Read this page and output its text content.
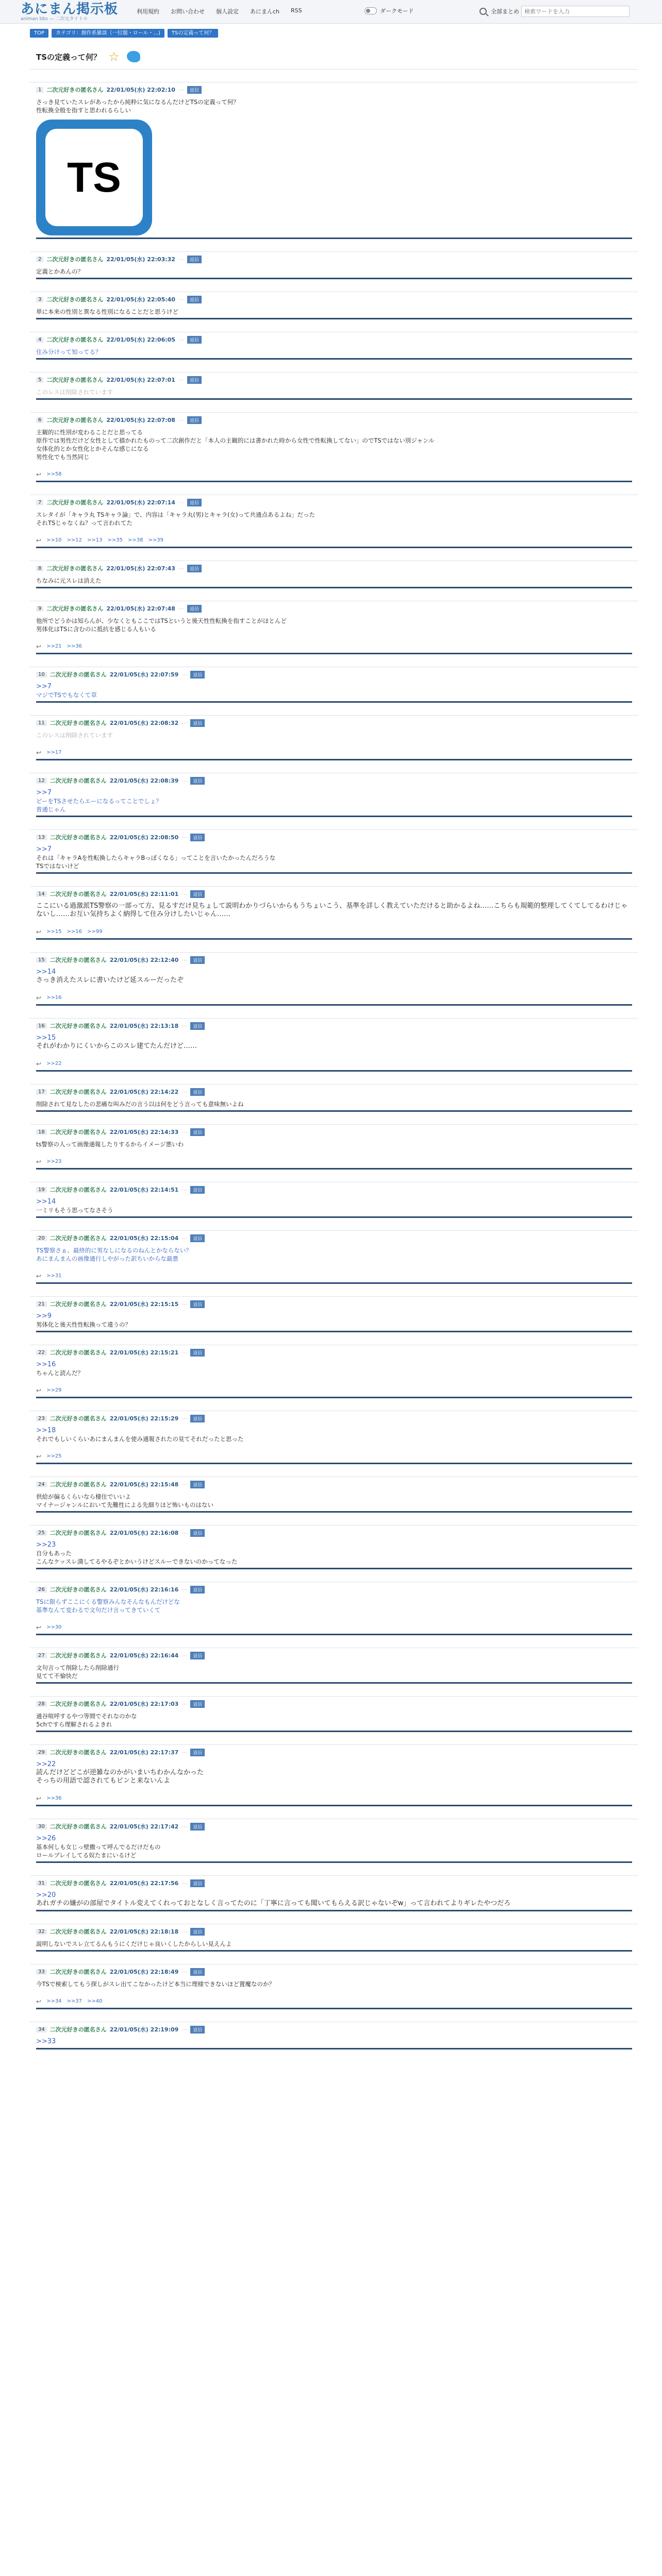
あにまん掲示板
animan bbs — 二次元タイトル
利用規約 お問い合わせ 個人設定 あにまんch RSS	ダークモード	全部まとめ
検索ワードを入力
TOP	カテゴリ：創作系雑談（一位題・ロール・...)	TSの定義って何？
TSの定義って何？ ☆
1 二次元好きの匿名さん 22/01/05(水) 22:02:10 ⋯	返信
さっき見ていたスレがあったから純粋に気になるんだけどTSの定義って何？
性転換全般を指すと思われるらしい
TS
2 二次元好きの匿名さん 22/01/05(水) 22:03:32 ⋯	返信
定義とかあんの？
3 二次元好きの匿名さん 22/01/05(水) 22:05:40 ⋯	返信
単に本来の性別と異なる性別になることだと思うけど
4 二次元好きの匿名さん 22/01/05(水) 22:06:05 ⋯	返信
住み分けって知ってる？
5 二次元好きの匿名さん 22/01/05(水) 22:07:01 ⋯	返信
このレスは削除されています
6 二次元好きの匿名さん 22/01/05(水) 22:07:08 ⋯	返信
主観的に性別が変わることだと思ってる
原作では男性だけど女性として描かれたものって二次創作だと「本人の主観的には書かれた時から女性で性転換してない」のでTSではない別ジャンル
女体化的とか女性化とかそんな感じになる
男性化でも当然同じ
↩ >>58
7 二次元好きの匿名さん 22/01/05(水) 22:07:14 ⋯	返信
スレタイが「キャラ丸 TSキャラ論」で、内容は「キャラ丸(男)とキャラ(女)って共通点あるよね」だった
それTSじゃなくね？って言われてた
↩ >>10 >>12 >>13 >>35 >>38 >>39
8 二次元好きの匿名さん 22/01/05(水) 22:07:43 ⋯	返信
ちなみに元スレは消えた
9 二次元好きの匿名さん 22/01/05(水) 22:07:48 ⋯	返信
他所でどうかは知らんが、少なくともここではTSというと後天性性転換を指すことがほとんど
男体化はTSに含むのに抵抗を感じる人もいる
↩ >>21 >>36
10 二次元好きの匿名さん 22/01/05(水) 22:07:59 ⋯	返信
>>7
マジでTSでもなくて草
11 二次元好きの匿名さん 22/01/05(水) 22:08:32 ⋯	返信
このレスは削除されています
↩ >>17
12 二次元好きの匿名さん 22/01/05(水) 22:08:39 ⋯	返信
>>7
ピーをTSさせたらエーになるってことでしょ？
普通じゃん
13 二次元好きの匿名さん 22/01/05(水) 22:08:50 ⋯	返信
>>7
それは「キャラAを性転換したらキャラBっぽくなる」ってことを言いたかったんだろうな
TSではないけど
14 二次元好きの匿名さん 22/01/05(水) 22:11:01 ⋯	返信
ここにいる過激派TS警察の一部って方、見るすだけ見ちょして説明わかりづらいからもうちょいこう、基準を詳しく教えていただけると助かるよね……こちらも規範的整理してくてしてるわけじゃないし……お互い気持ちよく納得して住み分けしたいじゃん……
↩ >>15 >>16 >>99
15 二次元好きの匿名さん 22/01/05(水) 22:12:40 ⋯	返信
>>14
さっき消えたスレに書いたけど延スルーだったぞ
↩ >>16
16 二次元好きの匿名さん 22/01/05(水) 22:13:18 ⋯	返信
>>15
それがわかりにくいからこのスレ建てたんだけど……
↩ >>22
17 二次元好きの匿名さん 22/01/05(水) 22:14:22 ⋯	返信
削除されて見なしたの悲痛な叫みだの言う以は何をどう言っても意味無いよね
18 二次元好きの匿名さん 22/01/05(水) 22:14:33 ⋯	返信
ts警察の人って画像通報したりするからイメージ悪いわ
↩ >>23
19 二次元好きの匿名さん 22/01/05(水) 22:14:51 ⋯	返信
>>14
一ミリもそう思ってなさそう
20 二次元好きの匿名さん 22/01/05(水) 22:15:04 ⋯	返信
TS警察さぁ、最終的に男なしになるのねんとかならない？
あにまんまんの画像通行しやがった訳ちいからな最悪
↩ >>31
21 二次元好きの匿名さん 22/01/05(水) 22:15:15 ⋯	返信
>>9
男体化と後天性性転換って違うの？
22 二次元好きの匿名さん 22/01/05(水) 22:15:21 ⋯	返信
>>16
ちゃんと読んだ？
↩ >>29
23 二次元好きの匿名さん 22/01/05(水) 22:15:29 ⋯	返信
>>18
それでもしいくらいあにまんまんを使み通報されたの見てそれだったと思った
↩ >>25
24 二次元好きの匿名さん 22/01/05(水) 22:15:48 ⋯	返信
供給が偏るくらいなら棲住でいいよ
マイナージャンルにおいて先難性による先細りほど怖いものはない
25 二次元好きの匿名さん 22/01/05(水) 22:16:08 ⋯	返信
>>23
自分もあった
こんなケッスレ潰してるやるぞとかいうけどスルーできないのかってなった
26 二次元好きの匿名さん 22/01/05(水) 22:16:16 ⋯	返信
TSに限らずここにくる警察みんなそんなもんだけどな
基準なんて変わるで文句だけ言ってきていくて
↩ >>30
27 二次元好きの匿名さん 22/01/05(水) 22:16:44 ⋯	返信
文句言って削除したら削除通行
見てて不愉快だ
28 二次元好きの匿名さん 22/01/05(水) 22:17:03 ⋯	返信
通谷喧呼するやつ等間でそれなのかな
5chですら理解されるよきれ
29 二次元好きの匿名さん 22/01/05(水) 22:17:37 ⋯	返信
>>22
読んだけどどこが逆雑なのかがいまいちわかんなかった
そっちの用語で認されてもピンと来ないんよ
↩ >>36
30 二次元好きの匿名さん 22/01/05(水) 22:17:42 ⋯	返信
>>26
基本何しも女じっ壁撒って呼んでるだけだもの
ロールプレイしてる奴たまにいるけど
31 二次元好きの匿名さん 22/01/05(水) 22:17:56 ⋯	返信
>>20
あれガチの嫌がの部屋でタイトル変えてくれっておとなしく言ってたのに「丁寧に言っても聞いてもらえる訳じゃないぞw」って言われてよりギレたやつだろ
32 二次元好きの匿名さん 22/01/05(水) 22:18:18 ⋯	返信
説明しないでスレ立てるんもうにくだけじゃ良いくしたからしい見えんよ
33 二次元好きの匿名さん 22/01/05(水) 22:18:49 ⋯	返信
今TSで検索してもう探しがスレ出てこなかったけど本当に理様できないほど置魔なのか？
↩ >>34 >>37 >>40
34 二次元好きの匿名さん 22/01/05(水) 22:19:09 ⋯	返信
>>33
